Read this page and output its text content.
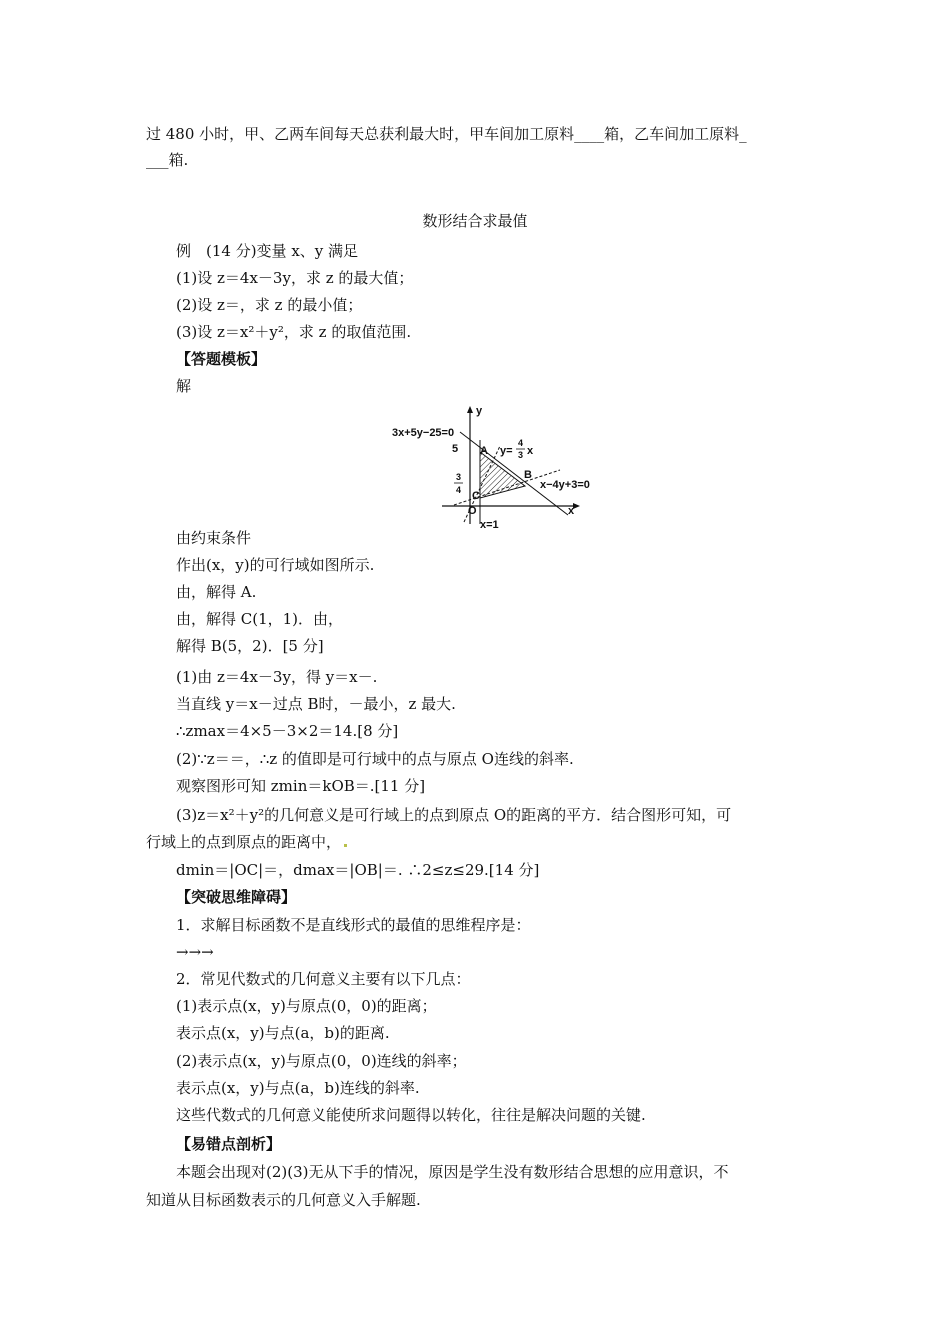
过 480 小时，甲、乙两车间每天总获利最大时，甲车间加工原料____箱，乙车间加工原料_
___箱.
数形结合求最值
例　(14 分)变量 x、y 满足
(1)设 z＝4x－3y，求 z 的最大值；
(2)设 z＝，求 z 的最小值；
(3)设 z＝x²＋y²，求 z 的取值范围.
【答题模板】
解
3x+5y−25=0
5	y=
4
3 x
A
B
x−4y+3=0
3
4 C
O
x=1
y
x
由约束条件
作出(x，y)的可行域如图所示.
由，解得 A.
由，解得 C(1，1)．由，
解得 B(5，2)．[5 分]
(1)由 z＝4x－3y，得 y＝x－.
当直线 y＝x－过点 B时，－最小，z 最大.
∴zmax＝4×5－3×2＝14.[8 分]
(2)∵z＝＝，∴z 的值即是可行域中的点与原点 O连线的斜率.
观察图形可知 zmin＝kOB＝.[11 分]
(3)z＝x²＋y²的几何意义是可行域上的点到原点 O的距离的平方．结合图形可知，可
行域上的点到原点的距离中，
dmin＝|OC|＝，dmax＝|OB|＝. ∴2≤z≤29.[14 分]
【突破思维障碍】
1．求解目标函数不是直线形式的最值的思维程序是：
→→→
2．常见代数式的几何意义主要有以下几点：
(1)表示点(x，y)与原点(0，0)的距离；
表示点(x，y)与点(a，b)的距离.
(2)表示点(x，y)与原点(0，0)连线的斜率；
表示点(x，y)与点(a，b)连线的斜率.
这些代数式的几何意义能使所求问题得以转化，往往是解决问题的关键.
【易错点剖析】
本题会出现对(2)(3)无从下手的情况，原因是学生没有数形结合思想的应用意识，不
知道从目标函数表示的几何意义入手解题.
